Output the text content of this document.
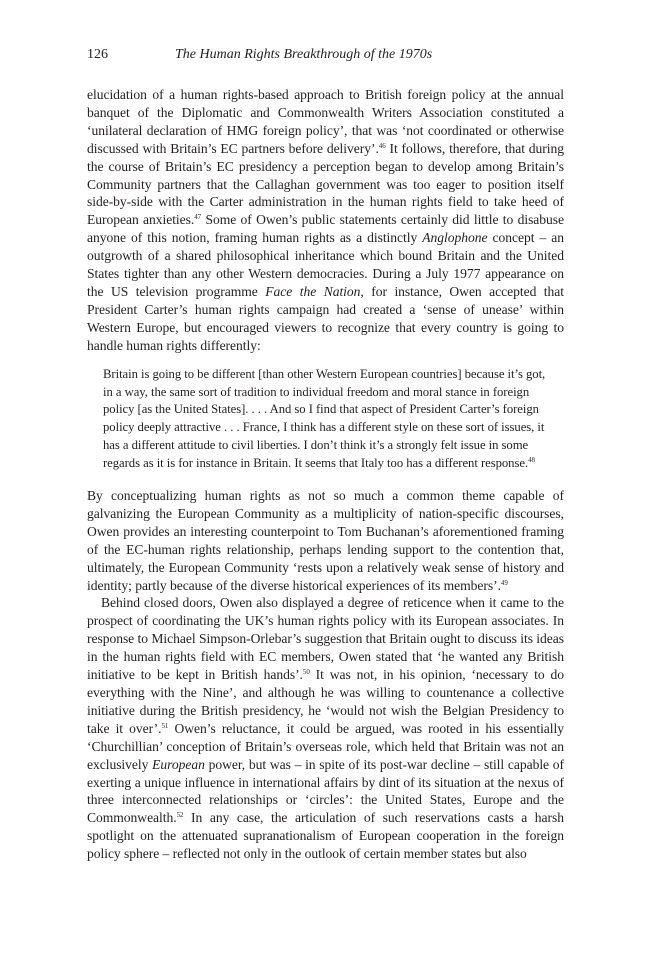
126	The Human Rights Breakthrough of the 1970s

elucidation of a human rights-based approach to British foreign policy at the annual banquet of the Diplomatic and Commonwealth Writers Association constituted a ‘unilateral declaration of HMG foreign policy’, that was ‘not coordinated or otherwise discussed with Britain’s EC partners before delivery’.$^{46}$ It follows, therefore, that during the course of Britain’s EC presidency a perception began to develop among Britain’s Community partners that the Callaghan government was too eager to position itself side-by-side with the Carter administration in the human rights field to take heed of European anxieties.$^{47}$ Some of Owen’s public statements certainly did little to disabuse anyone of this notion, framing human rights as a distinctly Anglophone concept – an outgrowth of a shared philosophical inheritance which bound Britain and the United States tighter than any other Western democracies. During a July 1977 appearance on the US television programme Face the Nation, for instance, Owen accepted that President Carter’s human rights campaign had created a ‘sense of unease’ within Western Europe, but encouraged viewers to recognize that every country is going to handle human rights differently:

Britain is going to be different [than other Western European countries] because it’s got, in a way, the same sort of tradition to individual freedom and moral stance in foreign policy [as the United States]. . . . And so I find that aspect of President Carter’s foreign policy deeply attractive . . . France, I think has a different style on these sort of issues, it has a different attitude to civil liberties. I don’t think it’s a strongly felt issue in some regards as it is for instance in Britain. It seems that Italy too has a different response.$^{48}$

By conceptualizing human rights as not so much a common theme capable of galvanizing the European Community as a multiplicity of nation-specific discourses, Owen provides an interesting counterpoint to Tom Buchanan’s aforementioned framing of the EC-human rights relationship, perhaps lending support to the contention that, ultimately, the European Community ‘rests upon a relatively weak sense of history and identity; partly because of the diverse historical experiences of its members’.$^{49}$

Behind closed doors, Owen also displayed a degree of reticence when it came to the prospect of coordinating the UK’s human rights policy with its European associates. In response to Michael Simpson-Orlebar’s suggestion that Britain ought to discuss its ideas in the human rights field with EC members, Owen stated that ‘he wanted any British initiative to be kept in British hands’.$^{50}$ It was not, in his opinion, ‘necessary to do everything with the Nine’, and although he was willing to countenance a collective initiative during the British presidency, he ‘would not wish the Belgian Presidency to take it over’.$^{51}$ Owen’s reluctance, it could be argued, was rooted in his essentially ‘Churchillian’ conception of Britain’s overseas role, which held that Britain was not an exclusively European power, but was – in spite of its post-war decline – still capable of exerting a unique influence in international affairs by dint of its situation at the nexus of three interconnected relationships or ‘circles’: the United States, Europe and the Commonwealth.$^{52}$ In any case, the articulation of such reservations casts a harsh spotlight on the attenuated supranationalism of European cooperation in the foreign policy sphere – reflected not only in the outlook of certain member states but also
